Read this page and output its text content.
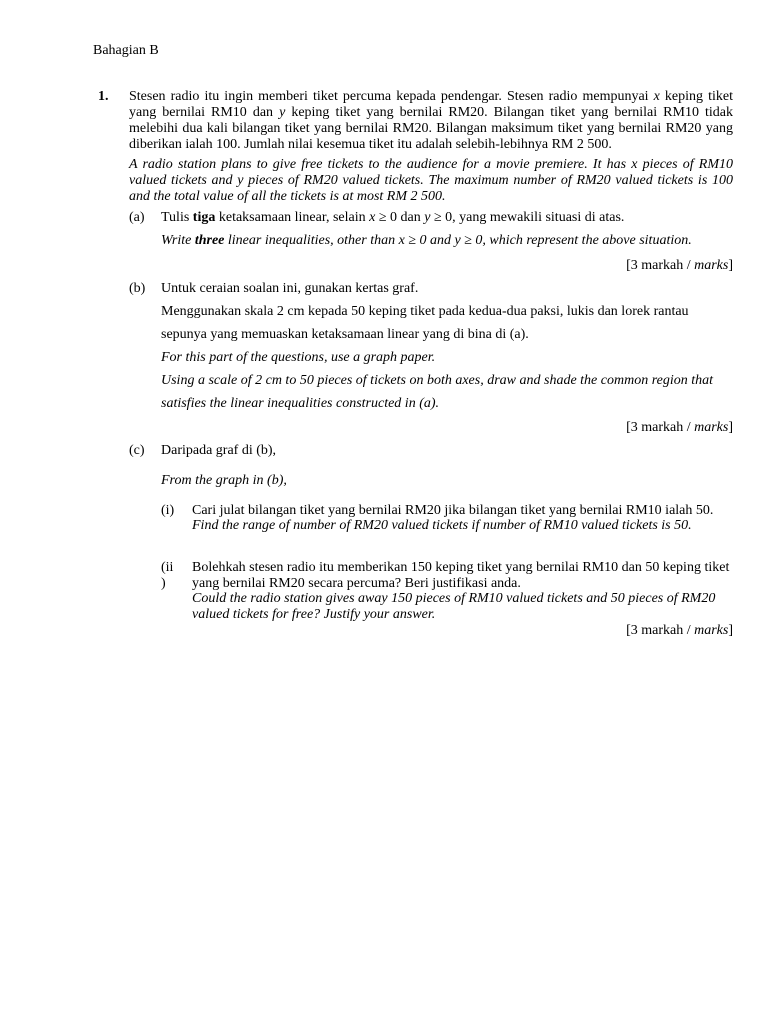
Bahagian B
1. Stesen radio itu ingin memberi tiket percuma kepada pendengar. Stesen radio mempunyai x keping tiket yang bernilai RM10 dan y keping tiket yang bernilai RM20. Bilangan tiket yang bernilai RM10 tidak melebihi dua kali bilangan tiket yang bernilai RM20. Bilangan maksimum tiket yang bernilai RM20 yang diberikan ialah 100. Jumlah nilai kesemua tiket itu adalah selebih-lebihnya RM 2 500.
A radio station plans to give free tickets to the audience for a movie premiere. It has x pieces of RM10 valued tickets and y pieces of RM20 valued tickets. The maximum number of RM20 valued tickets is 100 and the total value of all the tickets is at most RM 2 500.
(a) Tulis tiga ketaksamaan linear, selain x ≥ 0 dan y ≥ 0, yang mewakili situasi di atas.
Write three linear inequalities, other than x ≥ 0 and y ≥ 0, which represent the above situation.
[3 markah / marks]
(b) Untuk ceraian soalan ini, gunakan kertas graf.
Menggunakan skala 2 cm kepada 50 keping tiket pada kedua-dua paksi, lukis dan lorek rantau
sepunya yang memuaskan ketaksamaan linear yang di bina di (a).
For this part of the questions, use a graph paper.
Using a scale of 2 cm to 50 pieces of tickets on both axes, draw and shade the common region that
satisfies the linear inequalities constructed in (a).
[3 markah / marks]
(c) Daripada graf di (b),
From the graph in (b),
(i) Cari julat bilangan tiket yang bernilai RM20 jika bilangan tiket yang bernilai RM10 ialah 50.
Find the range of number of RM20 valued tickets if number of RM10 valued tickets is 50.
(ii
)
Bolehkah stesen radio itu memberikan 150 keping tiket yang bernilai RM10 dan 50 keping tiket yang bernilai RM20 secara percuma? Beri justifikasi anda.
Could the radio station gives away 150 pieces of RM10 valued tickets and 50 pieces of RM20 valued tickets for free? Justify your answer.
[3 markah / marks]
